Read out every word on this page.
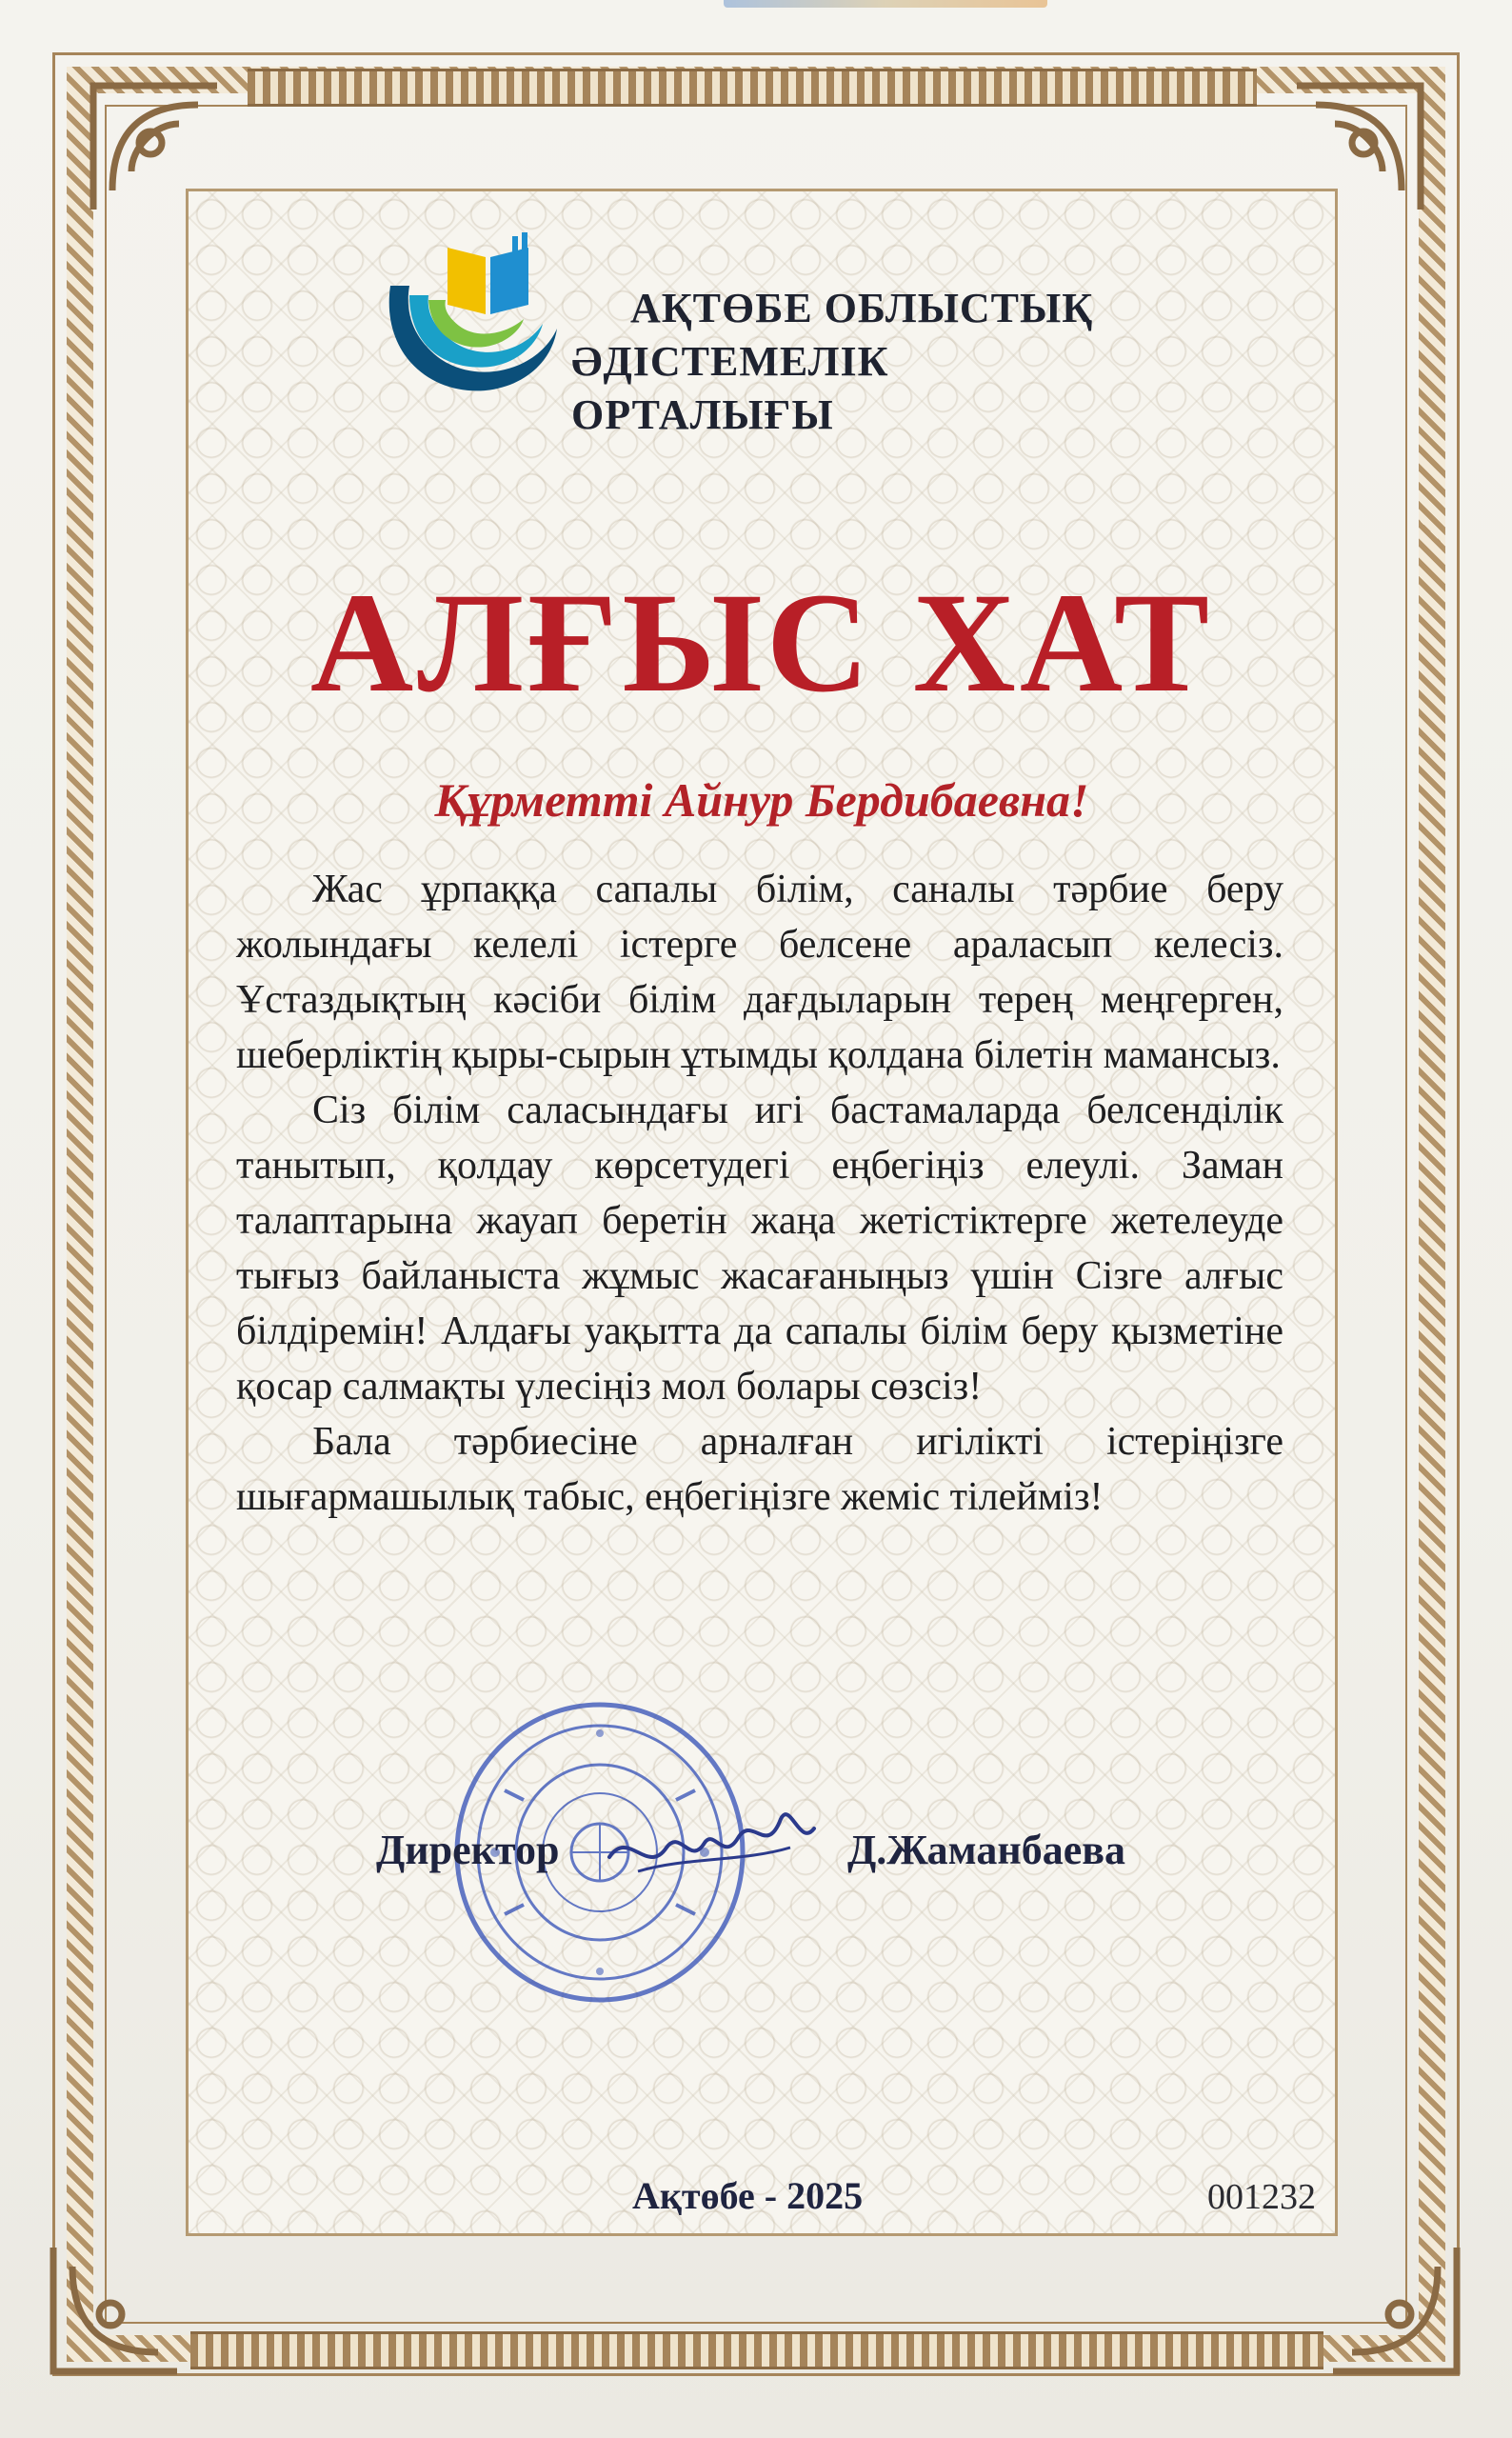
АҚТӨБЕ ОБЛЫСТЫҚ
ӘДІСТЕМЕЛІК ОРТАЛЫҒЫ
АЛҒЫС ХАТ
Құрметті Айнур Бердибаевна!

Жас ұрпаққа сапалы білім, саналы тәрбие беру жолындағы келелі істерге белсене араласып келесіз. Ұстаздықтың кәсіби білім дағдыларын терең меңгерген, шеберліктің қыры-сырын ұтымды қолдана білетін мамансыз.

Сіз білім саласындағы игі бастамаларда белсенділік танытып, қолдау көрсетудегі еңбегіңіз елеулі. Заман талаптарына жауап беретін жаңа жетістіктерге жетелеуде тығыз байланыста жұмыс жасағаныңыз үшін Сізге алғыс білдіремін! Алдағы уақытта да сапалы білім беру қызметіне қосар салмақты үлесіңіз мол болары сөзсіз!

Бала тәрбиесіне арналған игілікті істеріңізге шығармашылық табыс, еңбегіңізге жеміс тілейміз!

Директор	Д.Жаманбаева
Ақтөбе - 2025	001232
